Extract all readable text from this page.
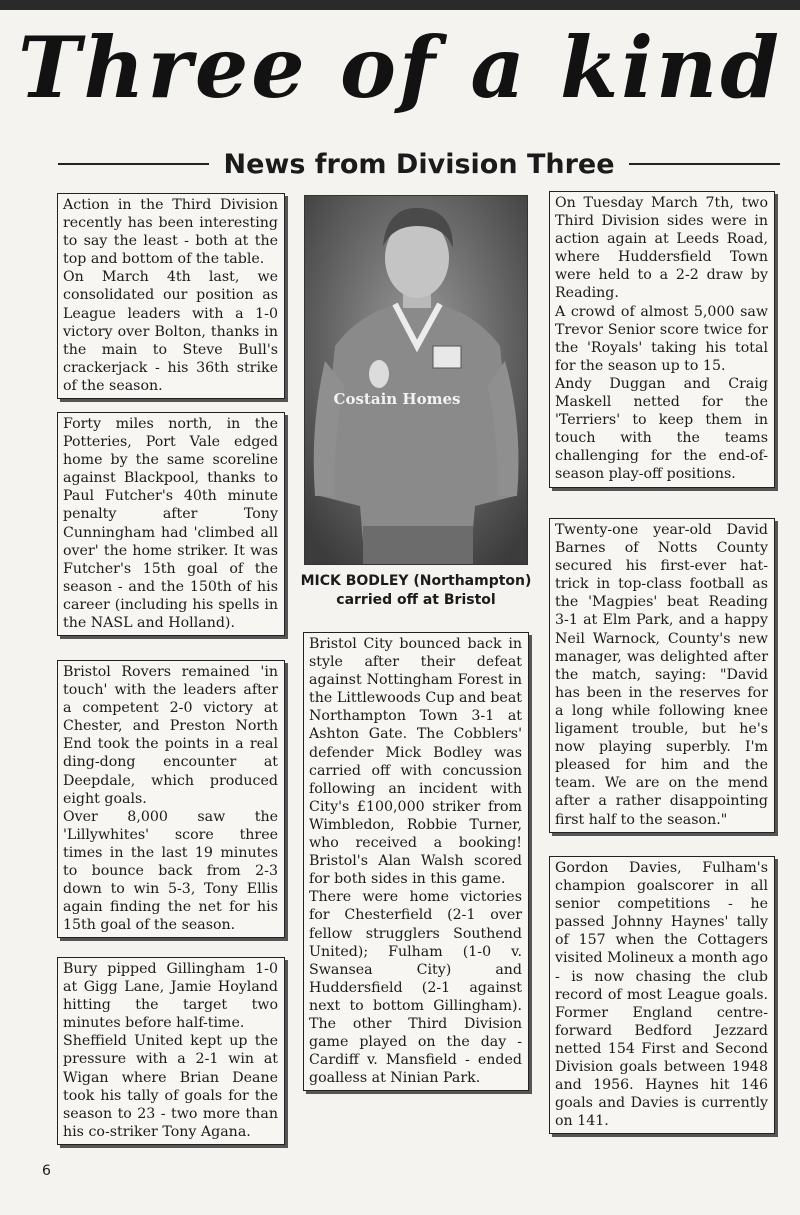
Three of a kind
News from Division Three

Action in the Third Division recently has been interesting to say the least - both at the top and bottom of the table.

On March 4th last, we consolidated our position as League leaders with a 1-0 victory over Bolton, thanks in the main to Steve Bull's crackerjack - his 36th strike of the season.

Forty miles north, in the Potteries, Port Vale edged home by the same scoreline against Blackpool, thanks to Paul Futcher's 40th minute penalty after Tony Cunningham had 'climbed all over' the home striker. It was Futcher's 15th goal of the season - and the 150th of his career (including his spells in the NASL and Holland).

Bristol Rovers remained 'in touch' with the leaders after a competent 2-0 victory at Chester, and Preston North End took the points in a real ding-dong encounter at Deepdale, which produced eight goals.

Over 8,000 saw the 'Lillywhites' score three times in the last 19 minutes to bounce back from 2-3 down to win 5-3, Tony Ellis again finding the net for his 15th goal of the season.

Bury pipped Gillingham 1-0 at Gigg Lane, Jamie Hoyland hitting the target two minutes before half-time.

Sheffield United kept up the pressure with a 2-1 win at Wigan where Brian Deane took his tally of goals for the season to 23 - two more than his co-striker Tony Agana.

Costain Homes
MICK BODLEY (Northampton) carried off at Bristol

Bristol City bounced back in style after their defeat against Nottingham Forest in the Littlewoods Cup and beat Northampton Town 3-1 at Ashton Gate. The Cobblers' defender Mick Bodley was carried off with concussion following an incident with City's £100,000 striker from Wimbledon, Robbie Turner, who received a booking! Bristol's Alan Walsh scored for both sides in this game.

There were home victories for Chesterfield (2-1 over fellow strugglers Southend United); Fulham (1-0 v. Swansea City) and Huddersfield (2-1 against next to bottom Gillingham). The other Third Division game played on the day - Cardiff v. Mansfield - ended goalless at Ninian Park.

On Tuesday March 7th, two Third Division sides were in action again at Leeds Road, where Huddersfield Town were held to a 2-2 draw by Reading.

A crowd of almost 5,000 saw Trevor Senior score twice for the 'Royals' taking his total for the season up to 15.

Andy Duggan and Craig Maskell netted for the 'Terriers' to keep them in touch with the teams challenging for the end-of-season play-off positions.

Twenty-one year-old David Barnes of Notts County secured his first-ever hat-trick in top-class football as the 'Magpies' beat Reading 3-1 at Elm Park, and a happy Neil Warnock, County's new manager, was delighted after the match, saying: "David has been in the reserves for a long while following knee ligament trouble, but he's now playing superbly. I'm pleased for him and the team. We are on the mend after a rather disappointing first half to the season."

Gordon Davies, Fulham's champion goalscorer in all senior competitions - he passed Johnny Haynes' tally of 157 when the Cottagers visited Molineux a month ago - is now chasing the club record of most League goals. Former England centre-forward Bedford Jezzard netted 154 First and Second Division goals between 1948 and 1956. Haynes hit 146 goals and Davies is currently on 141.

6
